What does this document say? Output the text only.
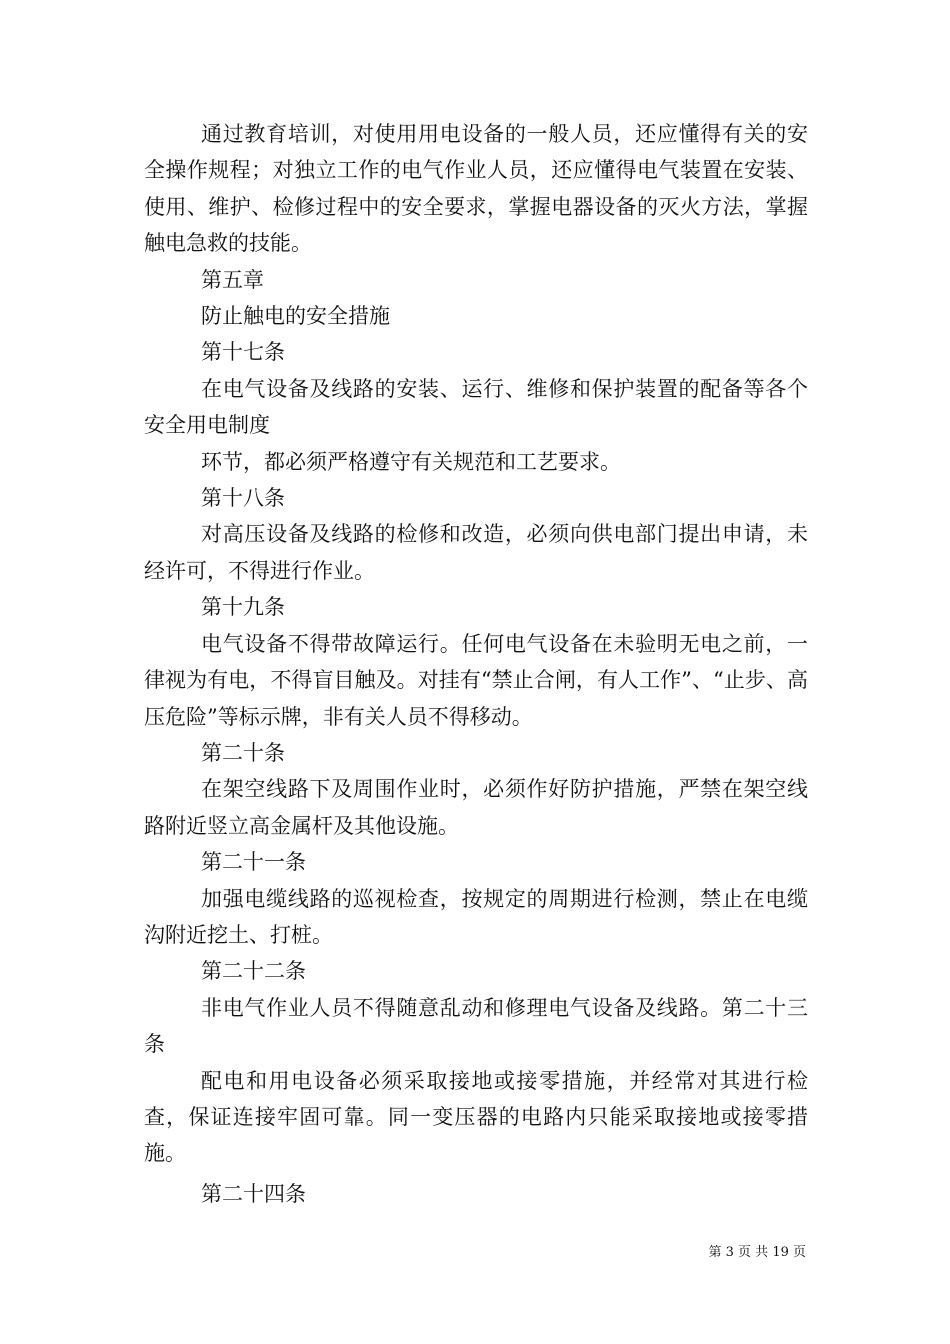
通过教育培训，对使用用电设备的一般人员，还应懂得有关的安全操作规程；对独立工作的电气作业人员，还应懂得电气装置在安装、使用、维护、检修过程中的安全要求，掌握电器设备的灭火方法，掌握触电急救的技能。

第五章

防止触电的安全措施

第十七条

在电气设备及线路的安装、运行、维修和保护装置的配备等各个安全用电制度

环节，都必须严格遵守有关规范和工艺要求。

第十八条

对高压设备及线路的检修和改造，必须向供电部门提出申请，未经许可，不得进行作业。

第十九条

电气设备不得带故障运行。任何电气设备在未验明无电之前，一律视为有电，不得盲目触及。对挂有“禁止合闸，有人工作”、“止步、高压危险”等标示牌，非有关人员不得移动。

第二十条

在架空线路下及周围作业时，必须作好防护措施，严禁在架空线路附近竖立高金属杆及其他设施。

第二十一条

加强电缆线路的巡视检查，按规定的周期进行检测，禁止在电缆沟附近挖土、打桩。

第二十二条

非电气作业人员不得随意乱动和修理电气设备及线路。第二十三条

配电和用电设备必须采取接地或接零措施，并经常对其进行检查，保证连接牢固可靠。同一变压器的电路内只能采取接地或接零措施。

第二十四条

第 3 页 共 19 页
